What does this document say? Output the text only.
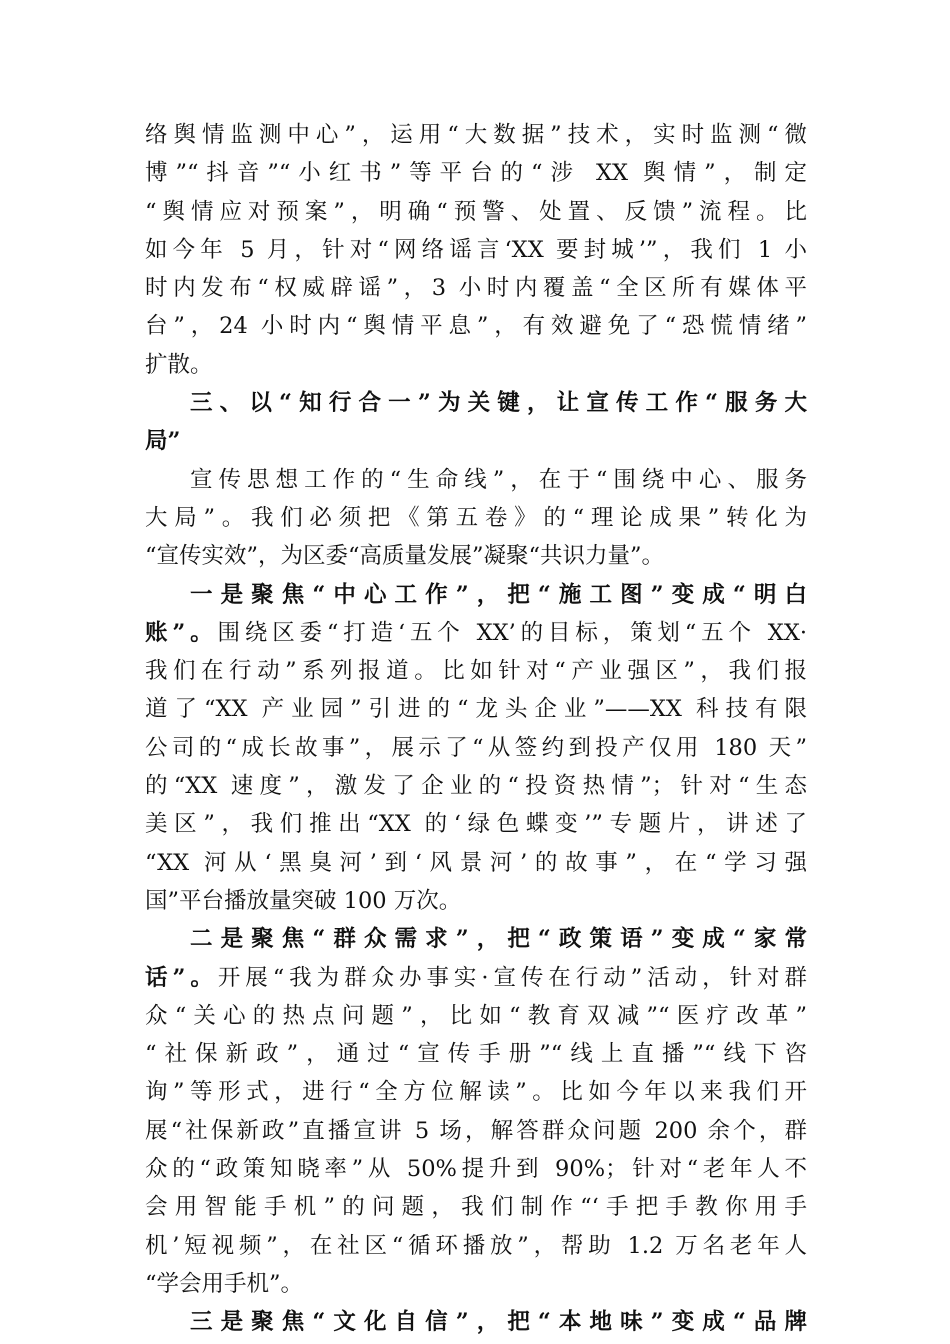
络舆情监测中心”，运用“大数据”技术，实时监测“微
博”“抖音”“小红书”等平台的“涉 XX 舆情”，制定
“舆情应对预案”，明确“预警、处置、反馈”流程。比
如今年 5 月，针对“网络谣言‘XX 要封城’”，我们 1 小
时内发布“权威辟谣”，3 小时内覆盖“全区所有媒体平
台”，24 小时内“舆情平息”，有效避免了“恐慌情绪”
扩散。
三、以“知行合一”为关键，让宣传工作“服务大
局”
宣传思想工作的“生命线”，在于“围绕中心、服务
大局”。我们必须把《第五卷》的“理论成果”转化为
“宣传实效”，为区委“高质量发展”凝聚“共识力量”。
一是聚焦“中心工作”，把“施工图”变成“明白
账”。围绕区委“打造‘五个 XX’的目标，策划“五个 XX·
我们在行动”系列报道。比如针对“产业强区”，我们报
道了“XX 产业园”引进的“龙头企业”——XX 科技有限
公司的“成长故事”，展示了“从签约到投产仅用 180 天”
的“XX 速度”，激发了企业的“投资热情”；针对“生态
美区”，我们推出“XX 的‘绿色蝶变’”专题片，讲述了
“XX 河从‘黑臭河’到‘风景河’的故事”，在“学习强
国”平台播放量突破 100 万次。
二是聚焦“群众需求”，把“政策语”变成“家常
话”。开展“我为群众办事实·宣传在行动”活动，针对群
众“关心的热点问题”，比如“教育双减”“医疗改革”
“社保新政”，通过“宣传手册”“线上直播”“线下咨
询”等形式，进行“全方位解读”。比如今年以来我们开
展“社保新政”直播宣讲 5 场，解答群众问题 200 余个，群
众的“政策知晓率”从 50%提升到 90%；针对“老年人不
会用智能手机”的问题，我们制作“‘手把手教你用手
机’短视频”，在社区“循环播放”，帮助 1.2 万名老年人
“学会用手机”。
三是聚焦“文化自信”，把“本地味”变成“品牌
